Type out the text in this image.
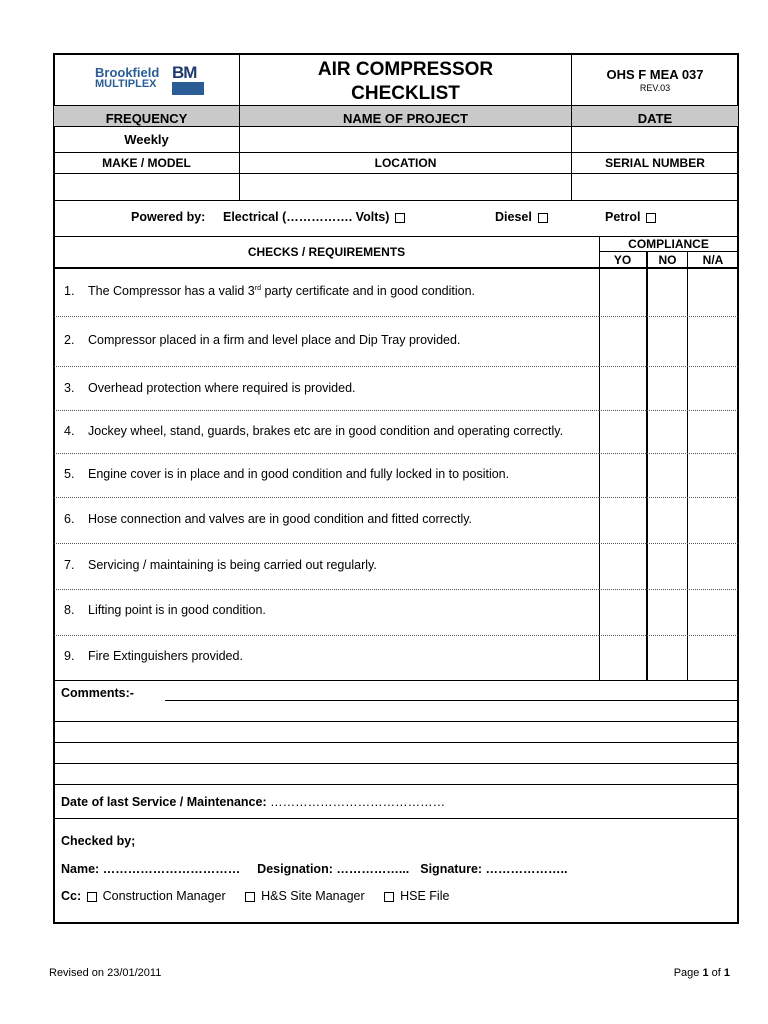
Brookfield
MULTIPLEX
BM	AIR COMPRESSOR
CHECKLIST
OHS F MEA 037
REV.03
FREQUENCY	NAME OF PROJECT	DATE
Weekly
MAKE / MODEL	LOCATION	SERIAL NUMBER
Powered by: Electrical (……………. Volts)	Diesel	Petrol
CHECKS / REQUIREMENTS
COMPLIANCE
YO	NO	N/A
1. The Compressor has a valid 3rd party certificate and in good condition.
2. Compressor placed in a firm and level place and Dip Tray provided.
3. Overhead protection where required is provided.
4. Jockey wheel, stand, guards, brakes etc are in good condition and operating correctly.
5. Engine cover is in place and in good condition and fully locked in to position.
6. Hose connection and valves are in good condition and fitted correctly.
7. Servicing / maintaining is being carried out regularly.
8. Lifting point is in good condition.
9. Fire Extinguishers provided.
Comments:-
Date of last Service / Maintenance: ……………………………………
Checked by;
Name: …………………………… Designation: ……………... Signature: ………………..
Cc: Construction Manager	H&S Site Manager	HSE File
Revised on 23/01/2011	Page 1 of 1
